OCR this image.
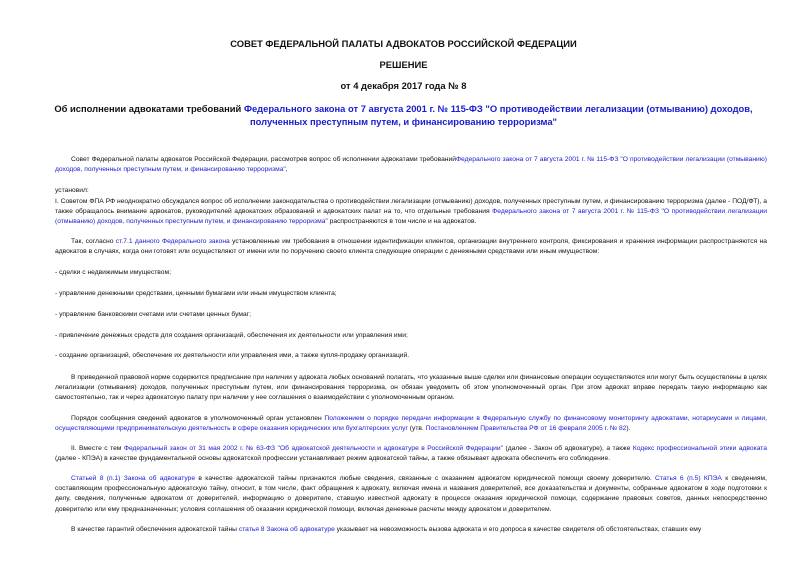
СОВЕТ ФЕДЕРАЛЬНОЙ ПАЛАТЫ АДВОКАТОВ РОССИЙСКОЙ ФЕДЕРАЦИИ
РЕШЕНИЕ
от 4 декабря 2017 года № 8
Об исполнении адвокатами требований Федерального закона от 7 августа 2001 г. № 115-ФЗ "О противодействии легализации (отмыванию) доходов, полученных преступным путем, и финансированию терроризма"
Совет Федеральной палаты адвокатов Российской Федерации, рассмотрев вопрос об исполнении адвокатами требованийФедерального закона от 7 августа 2001 г. № 115-ФЗ "О противодействии легализации (отмыванию) доходов, полученных преступным путем, и финансированию терроризма",
установил:
I. Советом ФПА РФ неоднократно обсуждался вопрос об исполнении законодательства о противодействии легализации (отмыванию) доходов, полученных преступным путем, и финансированию терроризма (далее - ПОД/ФТ), а также обращалось внимание адвокатов, руководителей адвокатских образований и адвокатских палат на то, что отдельные требования Федерального закона от 7 августа 2001 г. № 115-ФЗ "О противодействии легализации (отмыванию) доходов, полученных преступным путем, и финансированию терроризма" распространяются в том числе и на адвокатов.
Так, согласно ст.7.1 данного Федерального закона установленные им требования в отношении идентификации клиентов, организации внутреннего контроля, фиксирования и хранения информации распространяются на адвокатов в случаях, когда они готовят или осуществляют от имени или по поручению своего клиента следующие операции с денежными средствами или иным имуществом:
- сделки с недвижимым имуществом;
- управление денежными средствами, ценными бумагами или иным имуществом клиента;
- управление банковскими счетами или счетами ценных бумаг;
- привлечение денежных средств для создания организаций, обеспечения их деятельности или управления ими;
- создание организаций, обеспечение их деятельности или управления ими, а также купля-продажу организаций.
В приведенной правовой норме содержится предписание при наличии у адвоката любых оснований полагать, что указанные выше сделки или финансовые операции осуществляются или могут быть осуществлены в целях легализации (отмывания) доходов, полученных преступным путем, или финансирования терроризма, он обязан уведомить об этом уполномоченный орган. При этом адвокат вправе передать такую информацию как самостоятельно, так и через адвокатскую палату при наличии у нее соглашения о взаимодействии с уполномоченным органом.
Порядок сообщения сведений адвокатов в уполномоченный орган установлен Положением о порядке передачи информации в Федеральную службу по финансовому мониторингу адвокатами, нотариусами и лицами, осуществляющими предпринимательскую деятельность в сфере оказания юридических или бухгалтерских услуг (утв. Постановлением Правительства РФ от 16 февраля 2005 г. № 82).
II. Вместе с тем Федеральный закон от 31 мая 2002 г. № 63-ФЗ "Об адвокатской деятельности и адвокатуре в Российской Федерации" (далее - Закон об адвокатуре), а также Кодекс профессиональной этики адвоката (далее - КПЭА) в качестве фундаментальной основы адвокатской профессии устанавливает режим адвокатской тайны, а также обязывает адвоката обеспечить его соблюдение.
Статьей 8 (п.1) Закона об адвокатуре в качестве адвокатской тайны признаются любые сведения, связанные с оказанием адвокатом юридической помощи своему доверителю. Статья 6 (п.5) КПЭА к сведениям, составляющим профессиональную адвокатскую тайну, относит, в том числе, факт обращения к адвокату, включая имена и названия доверителей, все доказательства и документы, собранные адвокатом в ходе подготовки к делу, сведения, полученные адвокатом от доверителей, информацию о доверителе, ставшую известной адвокату в процессе оказания юридической помощи, содержание правовых советов, данных непосредственно доверителю или ему предназначенных; условия соглашения об оказании юридической помощи, включая денежные расчеты между адвокатом и доверителем.
В качестве гарантий обеспечения адвокатской тайны статья 8 Закона об адвокатуре указывает на невозможность вызова адвоката и его допроса в качестве свидетеля об обстоятельствах, ставших ему
